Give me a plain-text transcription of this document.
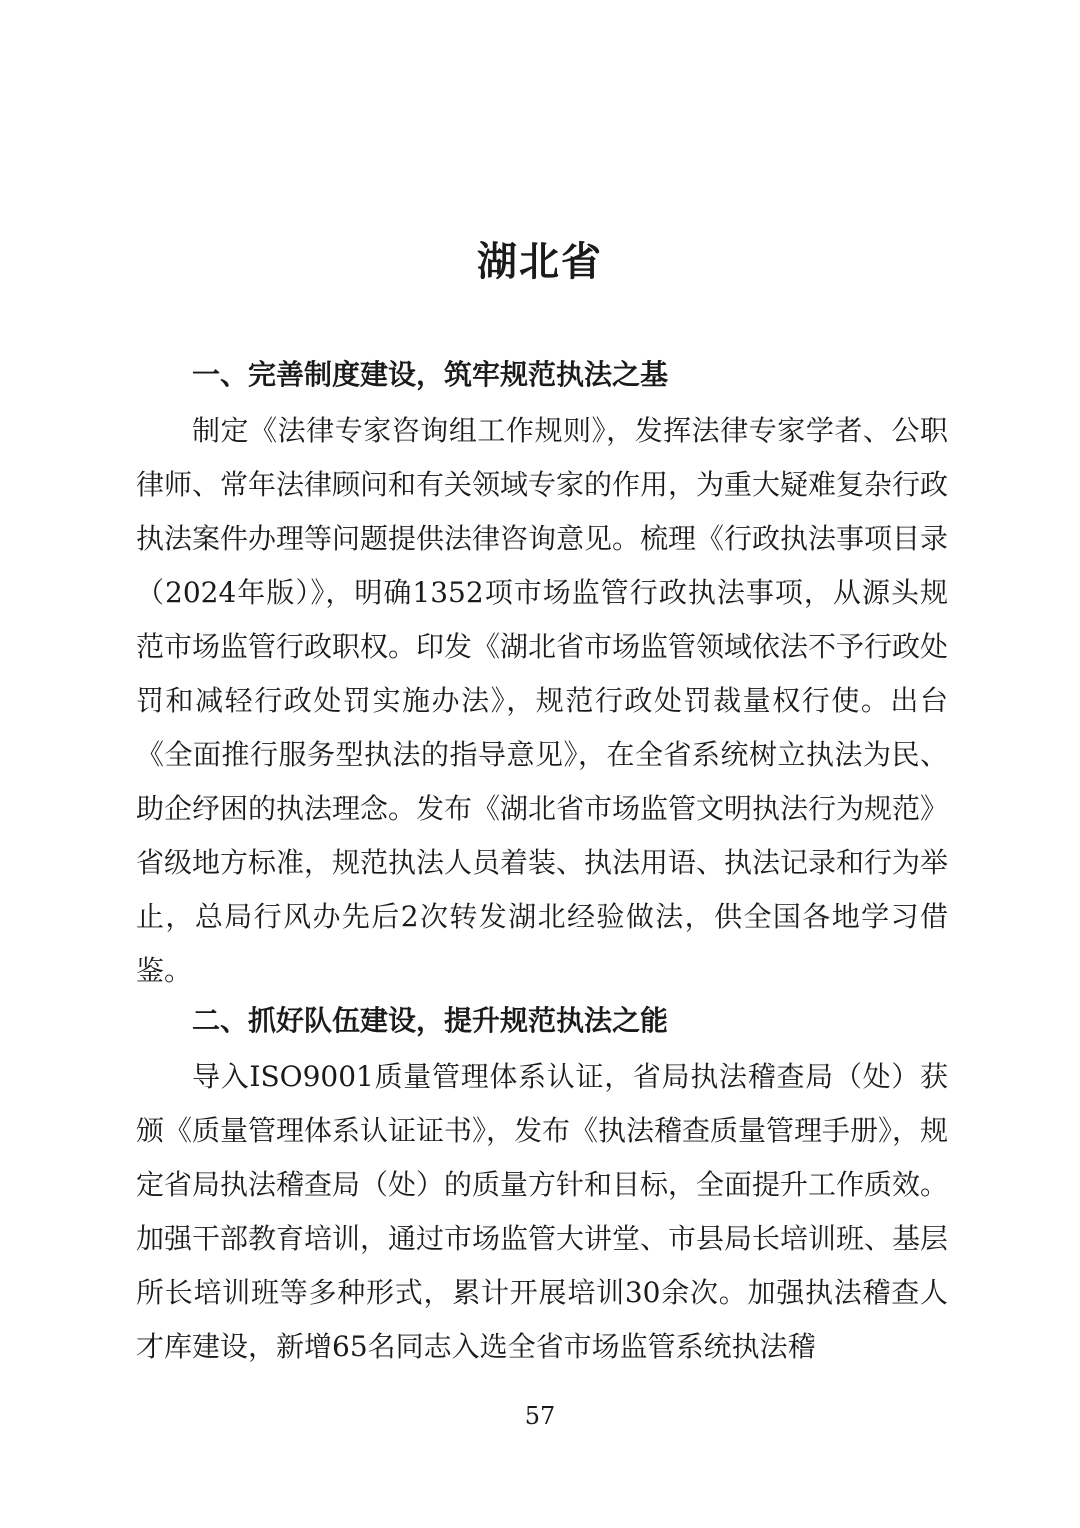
湖北省
一、完善制度建设，筑牢规范执法之基

制定《法律专家咨询组工作规则》，发挥法律专家学者、公职律师、常年法律顾问和有关领域专家的作用，为重大疑难复杂行政执法案件办理等问题提供法律咨询意见。梳理《行政执法事项目录（2024年版）》，明确1352项市场监管行政执法事项，从源头规范市场监管行政职权。印发《湖北省市场监管领域依法不予行政处罚和减轻行政处罚实施办法》，规范行政处罚裁量权行使。出台《全面推行服务型执法的指导意见》，在全省系统树立执法为民、助企纾困的执法理念。发布《湖北省市场监管文明执法行为规范》省级地方标准，规范执法人员着装、执法用语、执法记录和行为举止，总局行风办先后2次转发湖北经验做法，供全国各地学习借鉴。

二、抓好队伍建设，提升规范执法之能

导入ISO9001质量管理体系认证，省局执法稽查局（处）获颁《质量管理体系认证证书》，发布《执法稽查质量管理手册》，规定省局执法稽查局（处）的质量方针和目标，全面提升工作质效。加强干部教育培训，通过市场监管大讲堂、市县局长培训班、基层所长培训班等多种形式，累计开展培训30余次。加强执法稽查人才库建设，新增65名同志入选全省市场监管系统执法稽

57
